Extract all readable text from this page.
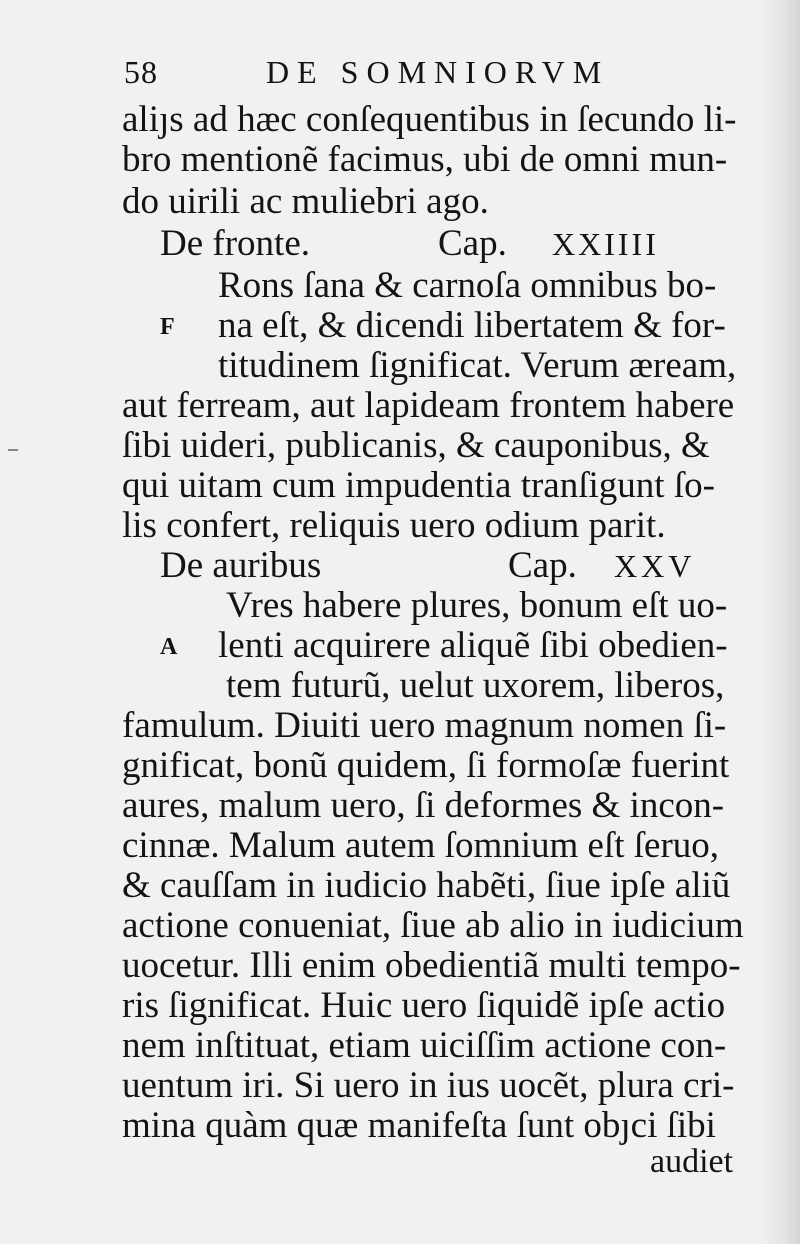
58	DE SOMNIORVM
aliȷs ad hæc conſequentibus in ſecundo li-
bro mentionẽ facimus, ubi de omni mun-
do uirili ac muliebri ago.
De fronte.	Cap. XXIIII
Rons ſana & carnoſa omnibus bo-
F na eſt, & dicendi libertatem & for-
titudinem ſignificat. Verum æream,
aut ferream, aut lapideam frontem habere
ſibi uideri, publicanis, & cauponibus, &
qui uitam cum impudentia tranſigunt ſo-
lis confert, reliquis uero odium parit.
De auribus	Cap. XXV
Vres habere plures, bonum eſt uo-
A lenti acquirere aliquẽ ſibi obedien-
tem futurũ, uelut uxorem, liberos,
famulum. Diuiti uero magnum nomen ſi-
gnificat, bonũ quidem, ſi formoſæ fuerint
aures, malum uero, ſi deformes & incon-
cinnæ. Malum autem ſomnium eſt ſeruo,
& cauſſam in iudicio habẽti, ſiue ipſe aliũ
actione conueniat, ſiue ab alio in iudicium
uocetur. Illi enim obedientiã multi tempo-
ris ſignificat. Huic uero ſiquidẽ ipſe actio
nem inſtituat, etiam uiciſſim actione con-
uentum iri. Si uero in ius uocẽt, plura cri-
mina quàm quæ manifeſta ſunt obȷci ſibi
audiet
